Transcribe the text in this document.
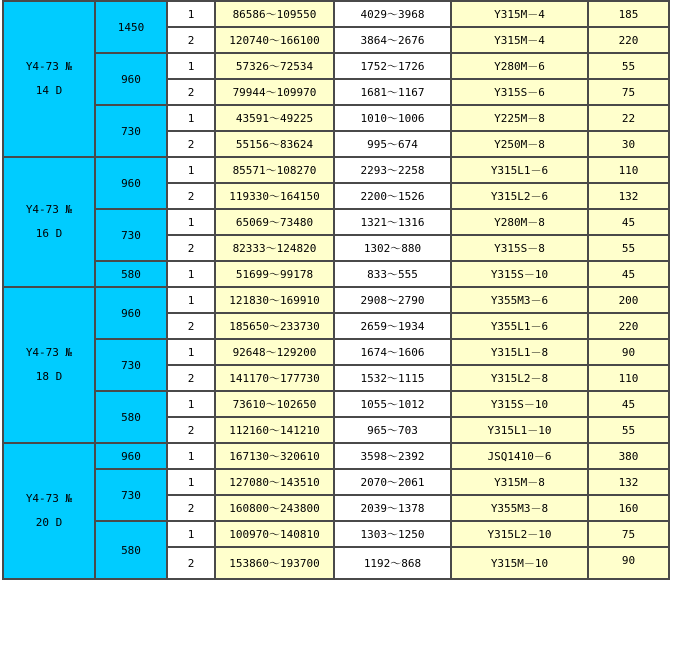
Y4-73 №
14 D	1450	1	86586～109550	4029～3968	Y315M－4	185
		2	120740～166100	3864～2676	Y315M－4	220
	960	1	57326～72534	1752～1726	Y280M－6	55
		2	79944～109970	1681～1167	Y315S－6	75
	730	1	43591～49225	1010～1006	Y225M－8	22
		2	55156～83624	995～674	Y250M－8	30

Y4-73 №
16 D	960	1	85571～108270	2293～2258	Y315L1－6	110
		2	119330～164150	2200～1526	Y315L2－6	132
	730	1	65069～73480	1321～1316	Y280M－8	45
		2	82333～124820	1302～880	Y315S－8	55
	580	1	51699～99178	833～555	Y315S－10	45

Y4-73 №
18 D	960	1	121830～169910	2908～2790	Y355M3－6	200
		2	185650～233730	2659～1934	Y355L1－6	220
	730	1	92648～129200	1674～1606	Y315L1－8	90
		2	141170～177730	1532～1115	Y315L2－8	110
	580	1	73610～102650	1055～1012	Y315S－10	45
		2	112160～141210	965～703	Y315L1－10	55

Y4-73 №
20 D	960	1	167130～320610	3598～2392	JSQ1410－6	380
	730	1	127080～143510	2070～2061	Y315M－8	132
		2	160800～243800	2039～1378	Y355M3－8	160
	580	1	100970～140810	1303～1250	Y315L2－10	75
		2	153860～193700	1192～868	Y315M－10	90
